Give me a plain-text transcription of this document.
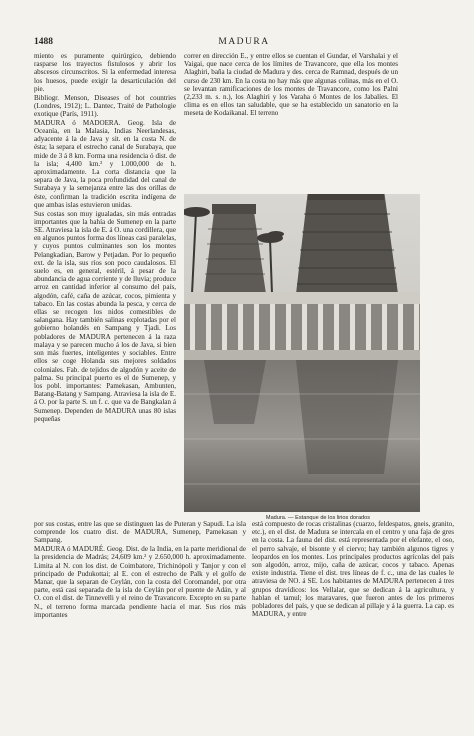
1488	MADURA

miento es puramente quirúrgico, debiendo rasparse los trayectos fistulosos y abrir los abscesos circunscritos. Si la enfermedad interesa los huesos, puede exigir la desarticulación del pie.

Bibliogr. Menson, Diseases of hot countries (Londres, 1912); L. Dantec, Traité de Pathologie exotique (París, 1911).

MADURA ó MADOERA. Geog. Isla de Oceanía, en la Malasia, Indias Neerlandesas, adyacente á la de Java y sit. en la costa N. de ésta; la separa el estrecho canal de Surabaya, que mide de 3 á 8 km. Forma una residencia ó dist. de la isla; 4,400 km.² y 1.000,000 de h. aproximadamente. La corta distancia que la separa de Java, la poca profundidad del canal de Surabaya y la semejanza entre las dos orillas de éste, confirman la tradición escrita indígena de que ambas islas estuvieron unidas.

Sus costas son muy igualadas, sin más entradas importantes que la bahía de Sumenep en la parte SE. Atraviesa la isla de E. á O. una cordillera, que en algunos puntos forma dos líneas casi paralelas, y cuyos puntos culminantes son los montes Pelangkadian, Barow y Petjadan. Por lo pequeño ext. de la isla, sus ríos son poco caudalosos. El suelo es, en general, estéril, á pesar de la abundancia de agua corriente y de lluvia; produce arroz en cantidad inferior al consumo del país, algodón, café, caña de azúcar, cocos, pimienta y tabaco. En las costas abunda la pesca, y cerca de ellas se recogen los nidos comestibles de salangana. Hay también salinas explotadas por el gobierno holandés en Sampang y Tjadi. Los pobladores de MADURA pertenecen á la raza malaya y se parecen mucho á los de Java, si bien son más fuertes, inteligentes y sociables. Entre ellos se coge Holanda sus mejores soldados coloniales. Fab. de tejidos de algodón y aceite de palma. Su principal puerto es el de Sumenep, y los pobl. importantes: Pamekasan, Ambunten, Batang-Batang y Sampang. Atraviesa la isla de E. á O. por la parte S. un f. c. que va de Bangkalan á Sumenep. Dependen de MADURA unas 80 islas pequeñas

correr en dirección E., y entre ellos se cuentan el Gundar, el Varshalai y el Vaigai, que nace cerca de los límites de Travancore, que ella los montes Alaghiri, baña la ciudad de Madura y des. cerca de Ramnad, después de un curso de 230 km. En la costa no hay más que algunas colinas, más en el O. se levantan ramificaciones de los montes de Travancore, como los Palni (2,233 m. s. n.), los Alaghiri y los Varaha ó Montes de los Jabalíes. El clima es en ellos tan saludable, que se ha establecido un sanatorio en la meseta de Kodaikanal. El terreno

Madura. — Estanque de los lirios dorados

por sus costas, entre las que se distinguen las de Puteran y Sapudi. La isla comprende los cuatro dist. de MADURA, Sumenep, Pamekasan y Sampang.

MADURA ó MADURÉ. Geog. Dist. de la India, en la parte meridional de la presidencia de Madrás; 24,609 km.² y 2.650,000 h. aproximadamente. Limita al N. con los dist. de Coimbatore, Trichinópoli y Tanjor y con el principado de Pudukottai; al E. con el estrecho de Palk y el golfo de Manar, que la separan de Ceylán, con la costa del Coromandel, por otra parte, está casi separada de la isla de Ceylán por el puente de Adán, y al O. con el dist. de Tinnevelli y el reino de Travancore. Excepto en su parte N., el terreno forma marcada pendiente hacia el mar. Sus ríos más importantes

está compuesto de rocas cristalinas (cuarzo, feldespatos, gneis, granito, etc.), en el dist. de Madura se intercala en el centro y una faja de gres en la costa. La fauna del dist. está representada por el elefante, el oso, el perro salvaje, el bisonte y el ciervo; hay también algunos tigres y leopardos en los montes. Los principales productos agrícolas del país son algodón, arroz, mijo, caña de azúcar, cocos y tabaco. Apenas existe industria. Tiene el dist. tres líneas de f. c., una de las cuales le atraviesa de NO. á SE. Los habitantes de MADURA pertenecen á tres grupos dravídicos: los Vellalar, que se dedican á la agricultura, y hablan el tamul; los maravares, que fueron antes de los primeros pobladores del país, y que se dedican al pillaje y á la guerra. La cap. es MADURA, y entre
